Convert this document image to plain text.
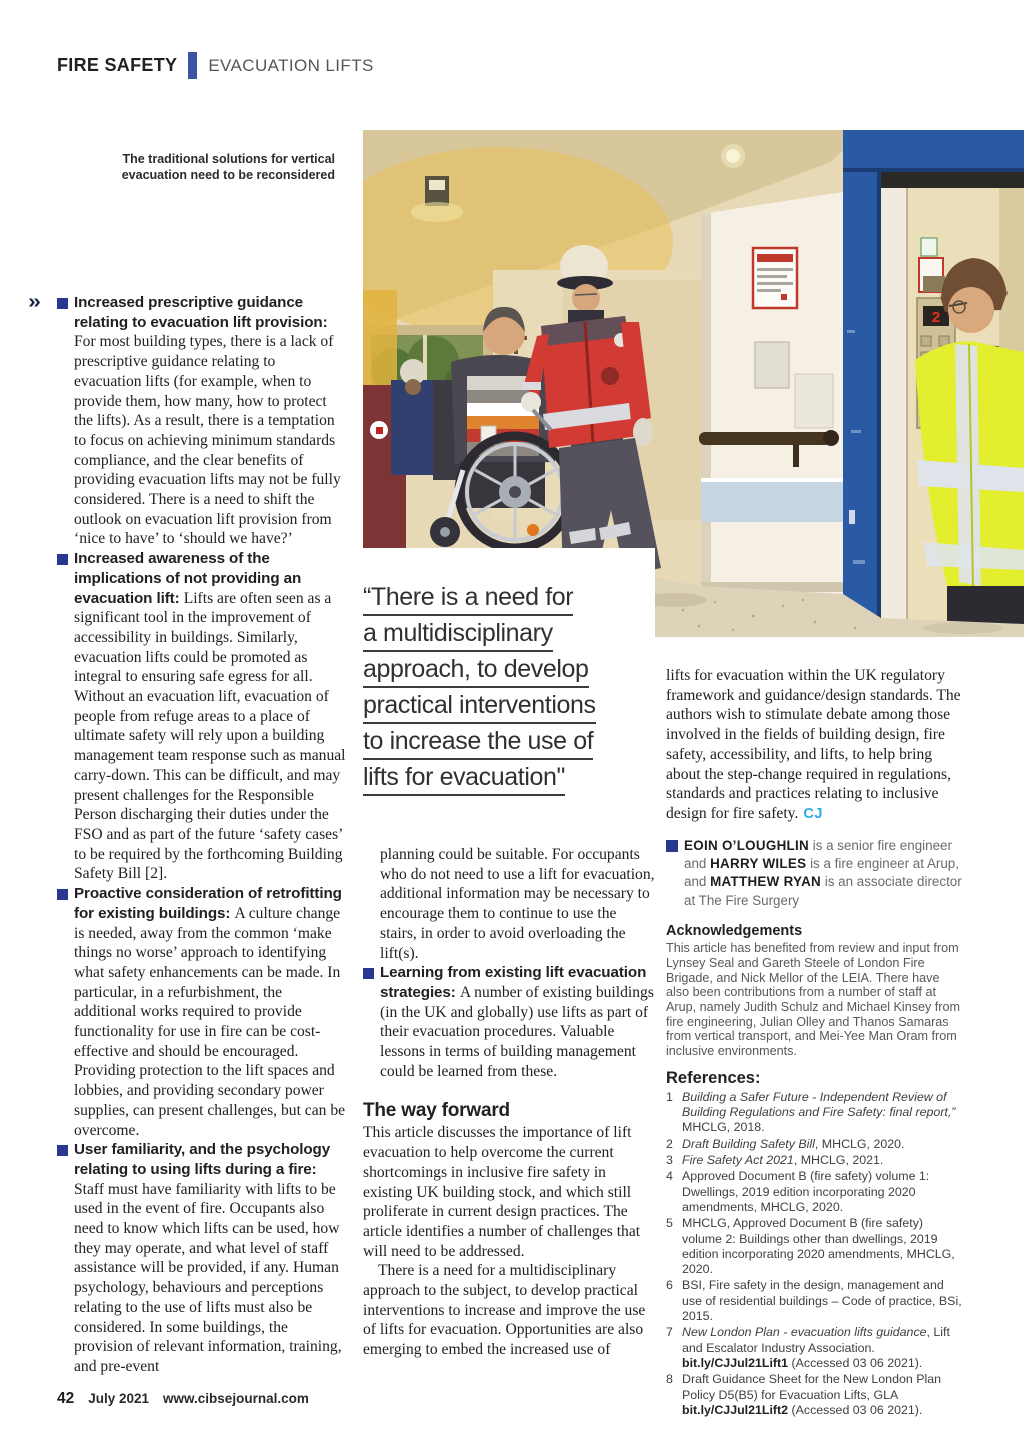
FIRE SAFETY EVACUATION LIFTS
The traditional solutions for vertical evacuation need to be reconsidered
2
» Increased prescriptive guidance relating to evacuation lift provision: For most building types, there is a lack of prescriptive guidance relating to evacuation lifts (for example, when to provide them, how many, how to protect the lifts). As a result, there is a temptation to focus on achieving minimum standards compliance, and the clear benefits of providing evacuation lifts may not be fully considered. There is a need to shift the outlook on evacuation lift provision from ‘nice to have’ to ‘should we have?’
Increased awareness of the implications of not providing an evacuation lift: Lifts are often seen as a significant tool in the improvement of accessibility in buildings. Similarly, evacuation lifts could be promoted as integral to ensuring safe egress for all. Without an evacuation lift, evacuation of people from refuge areas to a place of ultimate safety will rely upon a building management team response such as manual carry-down. This can be difficult, and may present challenges for the Responsible Person discharging their duties under the FSO and as part of the future ‘safety cases’ to be required by the forthcoming Building Safety Bill [2].
Proactive consideration of retrofitting for existing buildings: A culture change is needed, away from the common ‘make things no worse’ approach to identifying what safety enhancements can be made. In particular, in a refurbishment, the additional works required to provide functionality for use in fire can be cost-effective and should be encouraged. Providing protection to the lift spaces and lobbies, and providing secondary power supplies, can present challenges, but can be overcome.
User familiarity, and the psychology relating to using lifts during a fire: Staff must have familiarity with lifts to be used in the event of fire. Occupants also need to know which lifts can be used, how they may operate, and what level of staff assistance will be provided, if any. Human psychology, behaviours and perceptions relating to the use of lifts must also be considered. In some buildings, the provision of relevant information, training, and pre-event
“There is a need for
a multidisciplinary
approach, to develop
practical interventions
to increase the use of
lifts for evacuation"

planning could be suitable. For occupants who do not need to use a lift for evacuation, additional information may be necessary to encourage them to continue to use the stairs, in order to avoid overloading the lift(s).

Learning from existing lift evacuation strategies: A number of existing buildings (in the UK and globally) use lifts as part of their evacuation procedures. Valuable lessons in terms of building management could be learned from these.
The way forward

This article discusses the importance of lift evacuation to help overcome the current shortcomings in inclusive fire safety in existing UK building stock, and which still proliferate in current design practices. The article identifies a number of challenges that will need to be addressed.

There is a need for a multidisciplinary approach to the subject, to develop practical interventions to increase and improve the use of lifts for evacuation. Opportunities are also emerging to embed the increased use of

lifts for evacuation within the UK regulatory framework and guidance/design standards. The authors wish to stimulate debate among those involved in the fields of building design, fire safety, accessibility, and lifts, to help bring about the step-change required in regulations, standards and practices relating to inclusive design for fire safety. CJ

EOIN O’LOUGHLIN is a senior fire engineer and HARRY WILES is a fire engineer at Arup, and MATTHEW RYAN is an associate director at The Fire Surgery
Acknowledgements
This article has benefited from review and input from Lynsey Seal and Gareth Steele of London Fire Brigade, and Nick Mellor of the LEIA. There have also been contributions from a number of staff at Arup, namely Judith Schulz and Michael Kinsey from fire engineering, Julian Olley and Thanos Samaras from vertical transport, and Mei-Yee Man Oram from inclusive environments.
References:
1 Building a Safer Future - Independent Review of Building Regulations and Fire Safety: final report,” MHCLG, 2018.
2 Draft Building Safety Bill, MHCLG, 2020.
3 Fire Safety Act 2021, MHCLG, 2021.
4 Approved Document B (fire safety) volume 1: Dwellings, 2019 edition incorporating 2020 amendments, MHCLG, 2020.
5 MHCLG, Approved Document B (fire safety) volume 2: Buildings other than dwellings, 2019 edition incorporating 2020 amendments, MHCLG, 2020.
6 BSI, Fire safety in the design, management and use of residential buildings – Code of practice, BSi, 2015.
7 New London Plan - evacuation lifts guidance, Lift and Escalator Industry Association. bit.ly/CJJul21Lift1 (Accessed 03 06 2021).
8 Draft Guidance Sheet for the New London Plan Policy D5(B5) for Evacuation Lifts, GLA bit.ly/CJJul21Lift2 (Accessed 03 06 2021).
42 July 2021 www.cibsejournal.com
